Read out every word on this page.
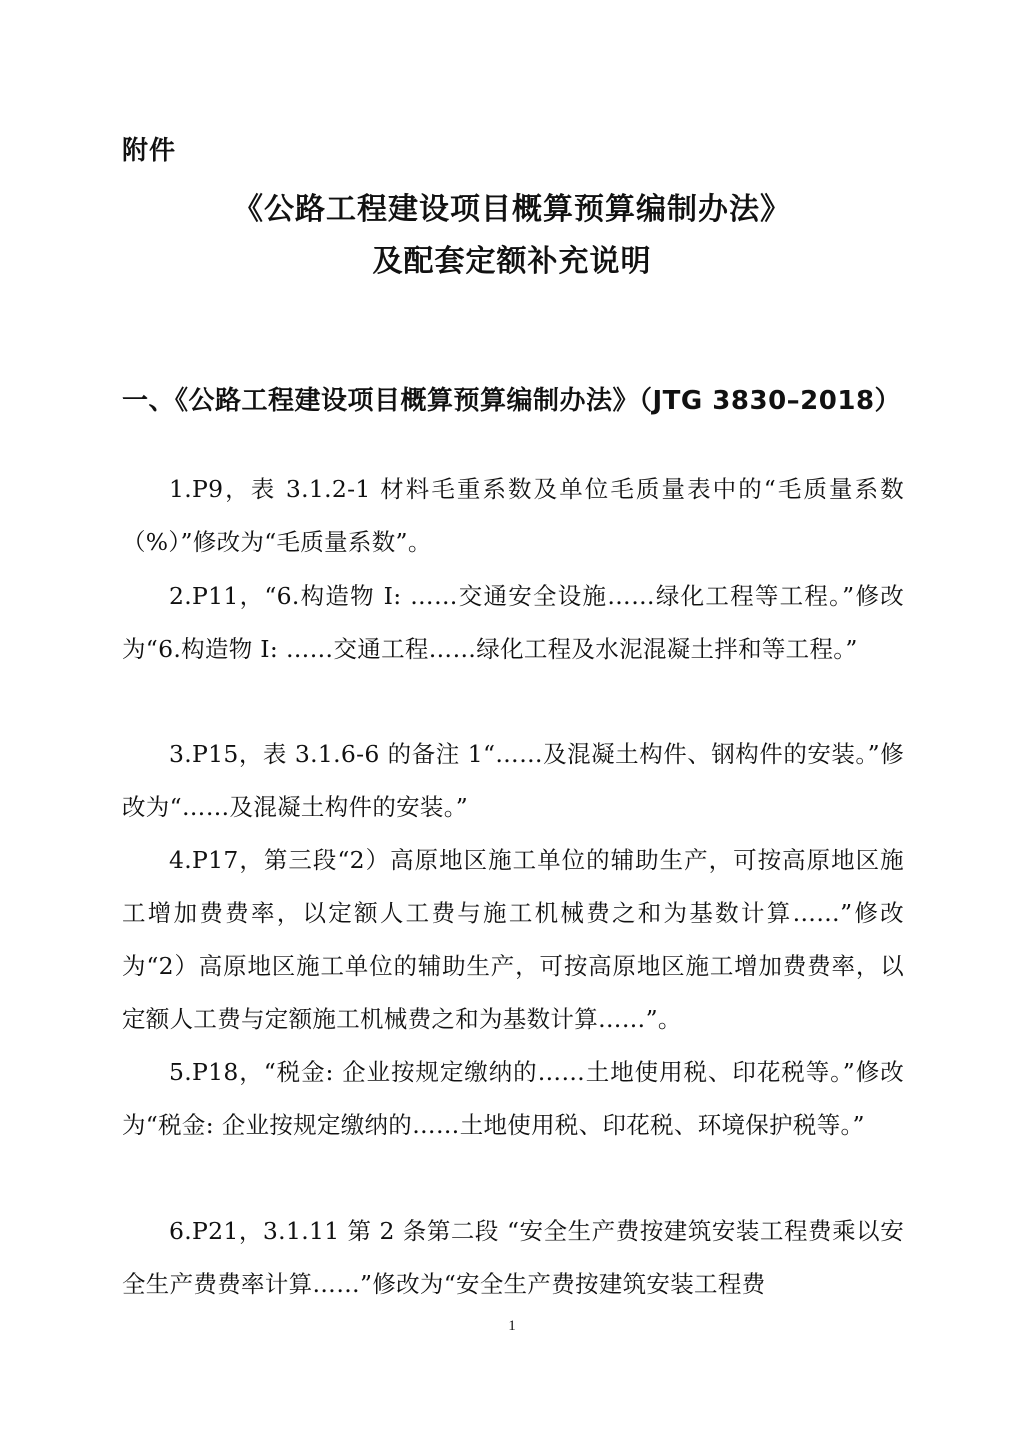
附件
《公路工程建设项目概算预算编制办法》
及配套定额补充说明
一、《公路工程建设项目概算预算编制办法》（JTG 3830–2018）

1.P9，表 3.1.2-1 材料毛重系数及单位毛质量表中的“毛质量系数（%）”修改为“毛质量系数”。

2.P11，“6.构造物 I: ……交通安全设施……绿化工程等工程。”修改为“6.构造物 I: ……交通工程……绿化工程及水泥混凝土拌和等工程。”

3.P15，表 3.1.6-6 的备注 1“……及混凝土构件、钢构件的安装。”修改为“……及混凝土构件的安装。”

4.P17，第三段“2）高原地区施工单位的辅助生产，可按高原地区施工增加费费率，以定额人工费与施工机械费之和为基数计算……”修改为“2）高原地区施工单位的辅助生产，可按高原地区施工增加费费率，以定额人工费与定额施工机械费之和为基数计算……”。

5.P18，“税金: 企业按规定缴纳的……土地使用税、印花税等。”修改为“税金: 企业按规定缴纳的……土地使用税、印花税、环境保护税等。”

6.P21，3.1.11 第 2 条第二段 “安全生产费按建筑安装工程费乘以安全生产费费率计算……”修改为“安全生产费按建筑安装工程费

1
